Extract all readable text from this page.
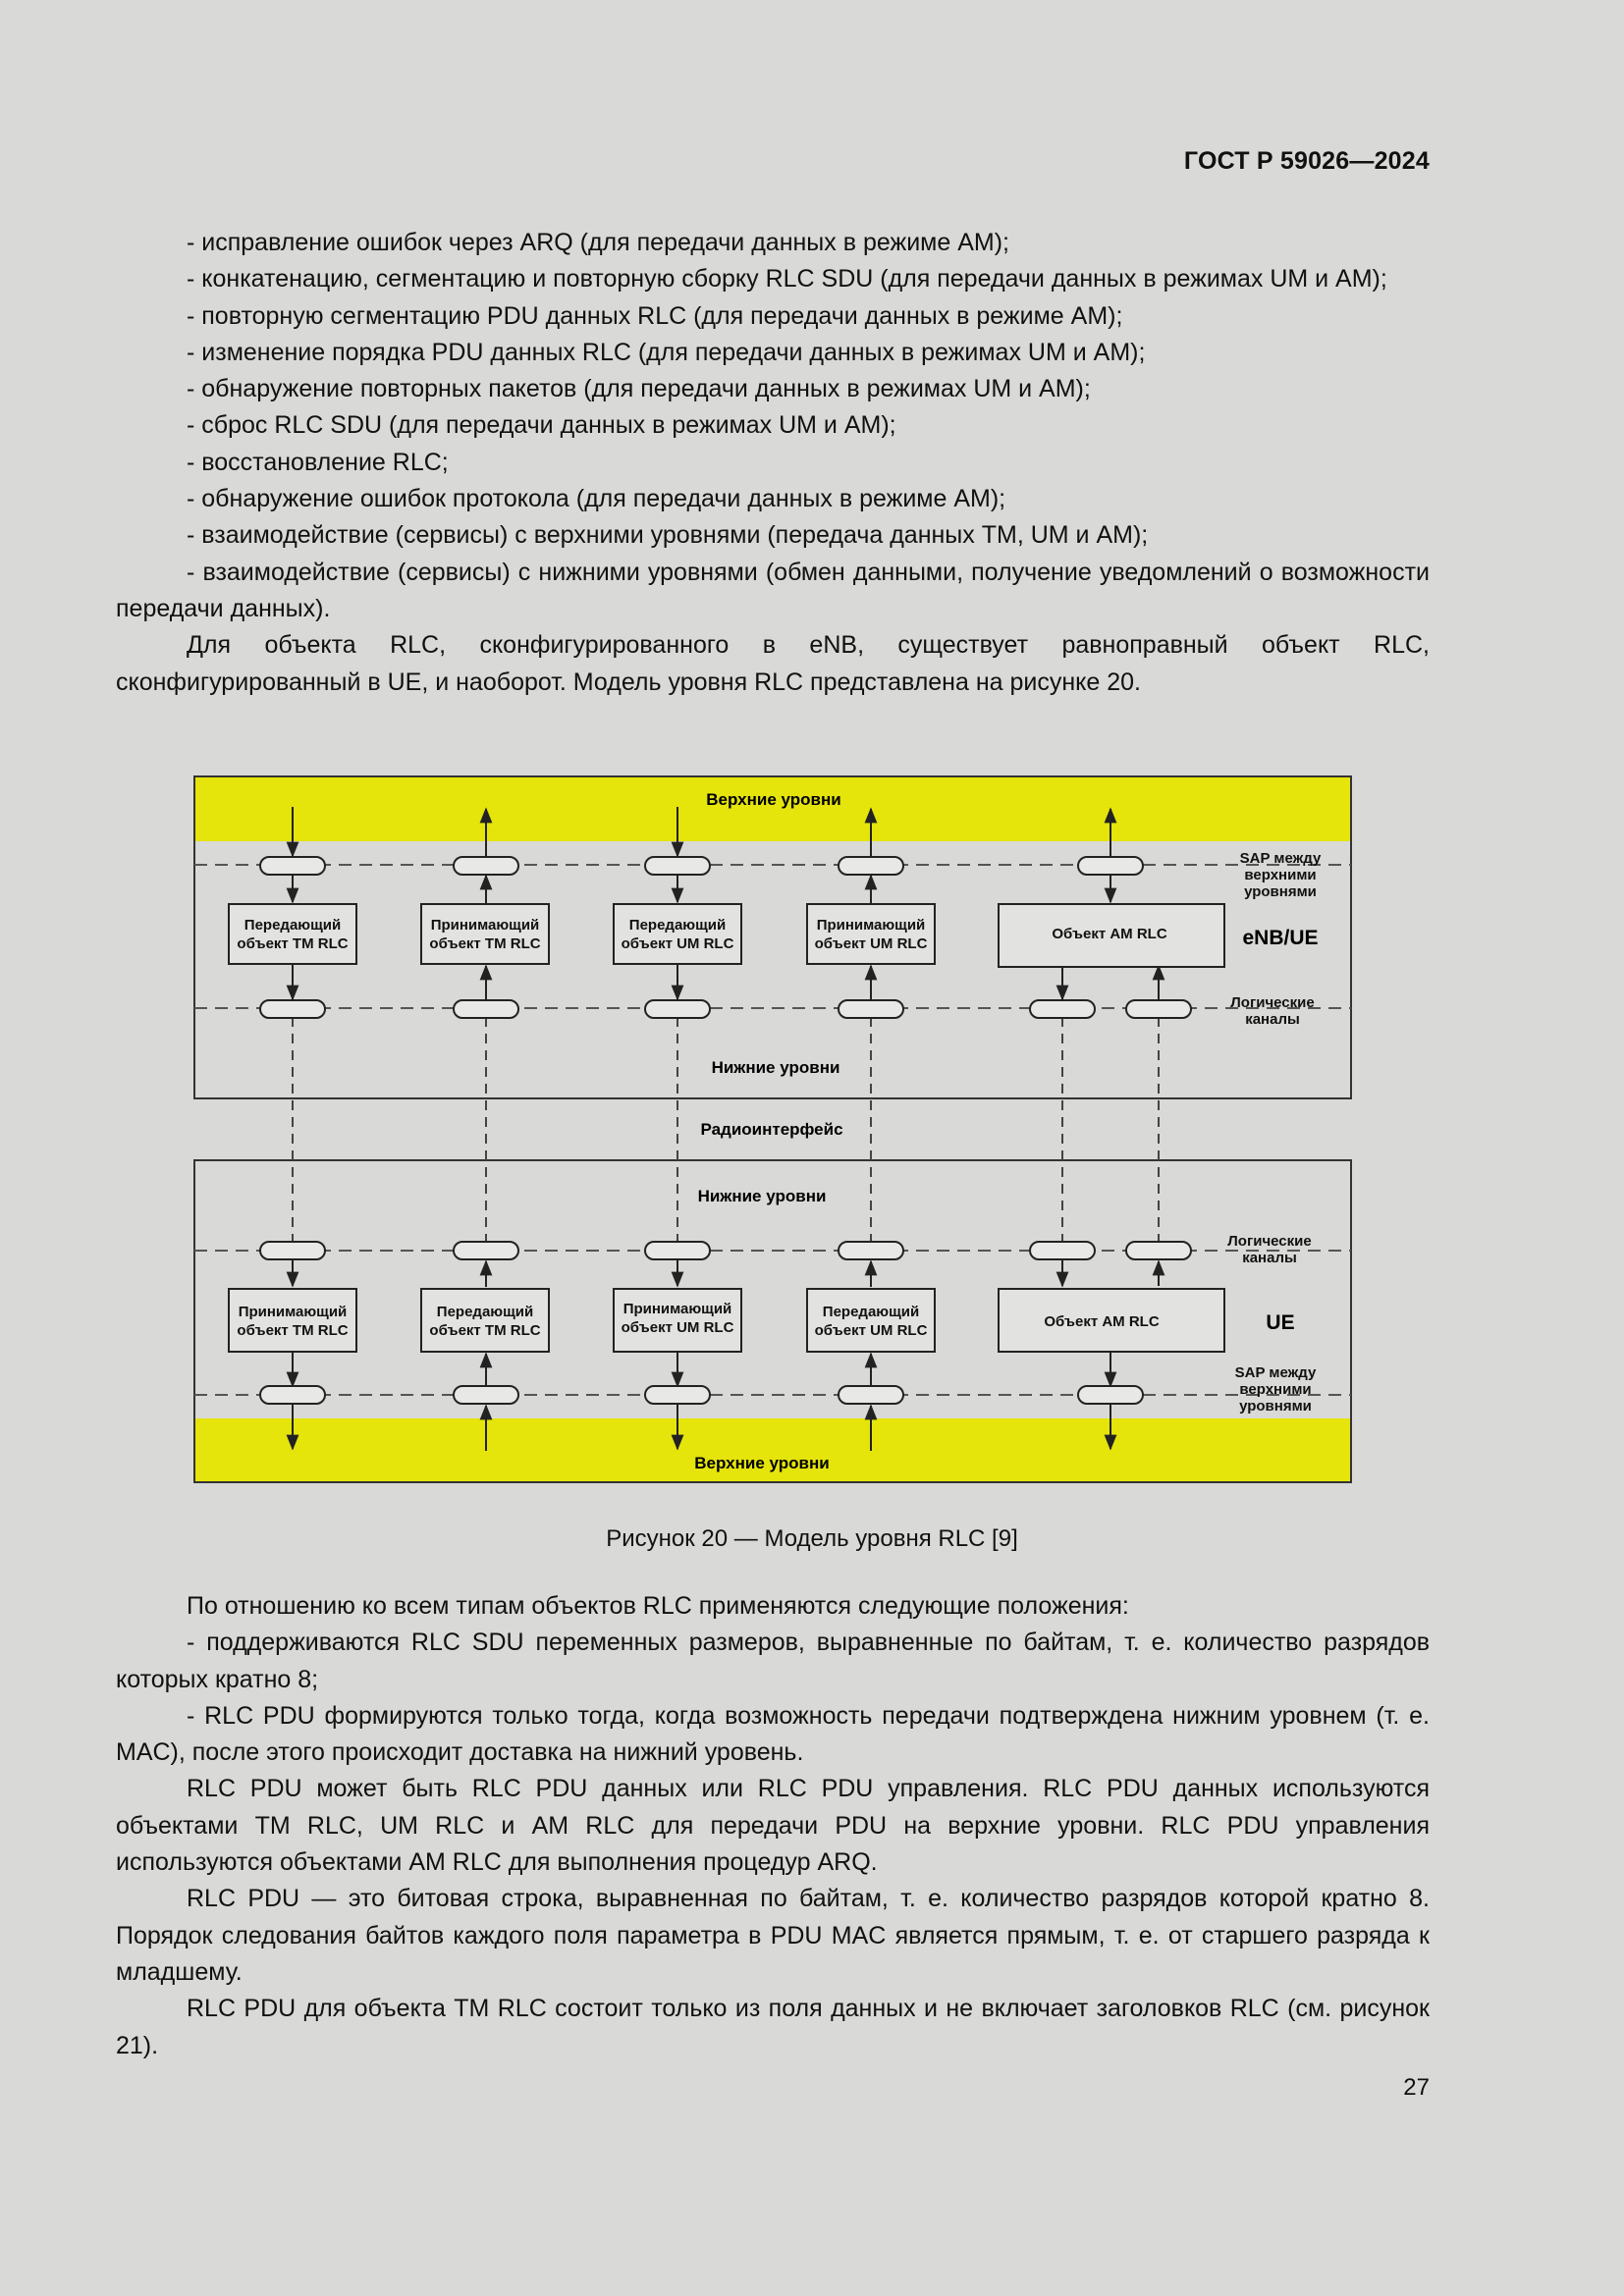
ГОСТ Р 59026—2024

- исправление ошибок через ARQ (для передачи данных в режиме AM);

- конкатенацию, сегментацию и повторную сборку RLC SDU (для передачи данных в режимах UM и AM);

- повторную сегментацию PDU данных RLC (для передачи данных в режиме AM);

- изменение порядка PDU данных RLC (для передачи данных в режимах UM и AM);

- обнаружение повторных пакетов (для передачи данных в режимах UM и AM);

- сброс RLC SDU (для передачи данных в режимах UM и AM);

- восстановление RLC;

- обнаружение ошибок протокола (для передачи данных в режиме AM);

- взаимодействие (сервисы) с верхними уровнями (передача данных TM, UM и AM);

- взаимодействие (сервисы) с нижними уровнями (обмен данными, получение уведомлений о возможности передачи данных).

Для объекта RLC, сконфигурированного в eNB, существует равноправный объект RLC, сконфигурированный в UE, и наоборот. Модель уровня RLC представлена на рисунке 20.

Верхние уровни
Верхние уровни
Нижние уровни
Нижние уровни
Радиоинтерфейс
SAP между
верхними
уровнями
Логические
каналы
Логические
каналы
SAP между
верхними
уровнями
eNB/UE
UE
Передающий
объект TM RLC
Принимающий
объект TM RLC
Передающий
объект UM RLC
Принимающий
объект UM RLC
Объект AM RLC
Принимающий
объект TM RLC
Передающий
объект TM RLC
Принимающий
объект UM RLC
Передающий
объект UM RLC
Объект AM RLC
Рисунок 20 — Модель уровня RLC [9]

По отношению ко всем типам объектов RLC применяются следующие положения:

- поддерживаются RLC SDU переменных размеров, выравненные по байтам, т. е. количество разрядов которых кратно 8;

- RLC PDU формируются только тогда, когда возможность передачи подтверждена нижним уровнем (т. е. MAC), после этого происходит доставка на нижний уровень.

RLC PDU может быть RLC PDU данных или RLC PDU управления. RLC PDU данных используются объектами TM RLC, UM RLC и AM RLC для передачи PDU на верхние уровни. RLC PDU управления используются объектами AM RLC для выполнения процедур ARQ.

RLC PDU — это битовая строка, выравненная по байтам, т. е. количество разрядов которой кратно 8. Порядок следования байтов каждого поля параметра в PDU MAC является прямым, т. е. от старшего разряда к младшему.

RLC PDU для объекта TM RLC состоит только из поля данных и не включает заголовков RLC (см. рисунок 21).

27
